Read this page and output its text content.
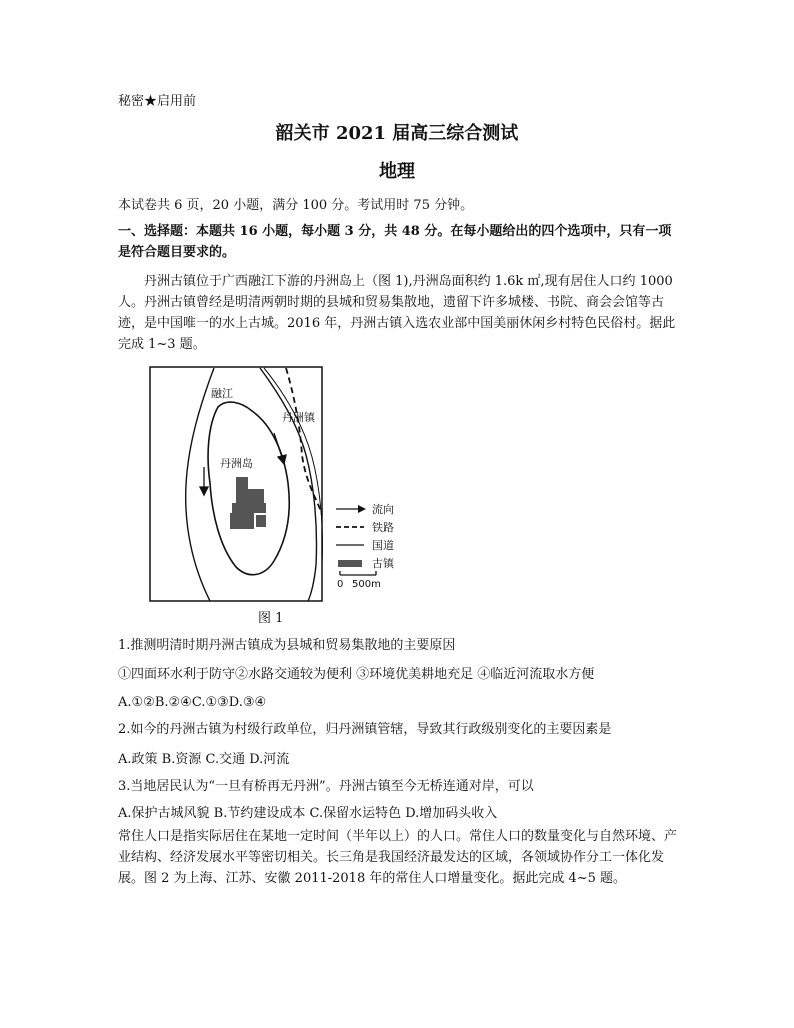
秘密★启用前
韶关市 2021 届高三综合测试
地理
本试卷共 6 页，20 小题，满分 100 分。考试用时 75 分钟。
一、选择题：本题共 16 小题，每小题 3 分，共 48 分。在每小题给出的四个选项中，只有一项
是符合题目要求的。
丹洲古镇位于广西融江下游的丹洲岛上（图 1),丹洲岛面积约 1.6k ㎡,现有居住人口约 1000 人。丹洲古镇曾经是明清两朝时期的县城和贸易集散地，遗留下许多城楼、书院、商会会馆等古迹，是中国唯一的水上古城。2016 年，丹洲古镇入选农业部中国美丽休闲乡村特色民俗村。据此完成 1~3 题。
融江
丹洲岛
丹洲镇
流向
铁路
国道
古镇
0 500m
图 1
1.推测明清时期丹洲古镇成为县城和贸易集散地的主要原因
①四面环水利于防守②水路交通较为便利 ③环境优美耕地充足 ④临近河流取水方便
A.①②B.②④C.①③D.③④
2.如今的丹洲古镇为村级行政单位，归丹洲镇管辖，导致其行政级别变化的主要因素是
A.政策 B.资源 C.交通 D.河流
3.当地居民认为“一旦有桥再无丹洲”。丹洲古镇至今无桥连通对岸，可以
A.保护古城风貌 B.节约建设成本 C.保留水运特色 D.增加码头收入
常住人口是指实际居住在某地一定时间（半年以上）的人口。常住人口的数量变化与自然环境、产业结构、经济发展水平等密切相关。长三角是我国经济最发达的区域，各领域协作分工一体化发展。图 2 为上海、江苏、安徽 2011-2018 年的常住人口增量变化。据此完成 4~5 题。
